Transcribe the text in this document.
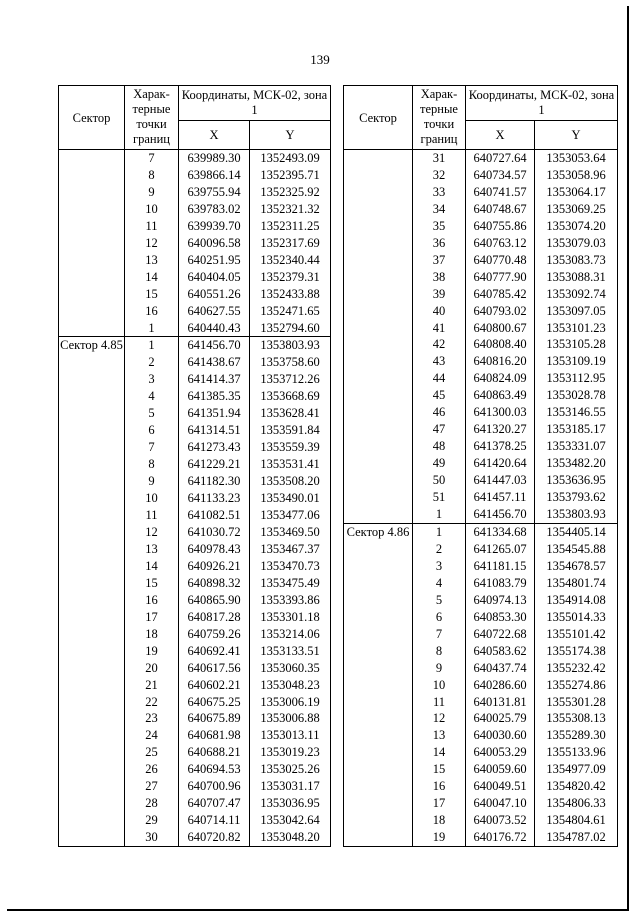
139
Сектор	Харак-терные точки границ	Координаты, МСК-02, зона 1	
		X	Y
	7	639989.30	1352493.09
	8	639866.14	1352395.71
	9	639755.94	1352325.92
	10	639783.02	1352321.32
	11	639939.70	1352311.25
	12	640096.58	1352317.69
	13	640251.95	1352340.44
	14	640404.05	1352379.31
	15	640551.26	1352433.88
	16	640627.55	1352471.65
	1	640440.43	1352794.60
Сектор 4.85	1	641456.70	1353803.93
	2	641438.67	1353758.60
	3	641414.37	1353712.26
	4	641385.35	1353668.69
	5	641351.94	1353628.41
	6	641314.51	1353591.84
	7	641273.43	1353559.39
	8	641229.21	1353531.41
	9	641182.30	1353508.20
	10	641133.23	1353490.01
	11	641082.51	1353477.06
	12	641030.72	1353469.50
	13	640978.43	1353467.37
	14	640926.21	1353470.73
	15	640898.32	1353475.49
	16	640865.90	1353393.86
	17	640817.28	1353301.18
	18	640759.26	1353214.06
	19	640692.41	1353133.51
	20	640617.56	1353060.35
	21	640602.21	1353048.23
	22	640675.25	1353006.19
	23	640675.89	1353006.88
	24	640681.98	1353013.11
	25	640688.21	1353019.23
	26	640694.53	1353025.26
	27	640700.96	1353031.17
	28	640707.47	1353036.95
	29	640714.11	1353042.64
	30	640720.82	1353048.20
Сектор	Харак-терные точки границ	Координаты, МСК-02, зона 1	
		X	Y
	31	640727.64	1353053.64
	32	640734.57	1353058.96
	33	640741.57	1353064.17
	34	640748.67	1353069.25
	35	640755.86	1353074.20
	36	640763.12	1353079.03
	37	640770.48	1353083.73
	38	640777.90	1353088.31
	39	640785.42	1353092.74
	40	640793.02	1353097.05
	41	640800.67	1353101.23
	42	640808.40	1353105.28
	43	640816.20	1353109.19
	44	640824.09	1353112.95
	45	640863.49	1353028.78
	46	641300.03	1353146.55
	47	641320.27	1353185.17
	48	641378.25	1353331.07
	49	641420.64	1353482.20
	50	641447.03	1353636.95
	51	641457.11	1353793.62
	1	641456.70	1353803.93
Сектор 4.86	1	641334.68	1354405.14
	2	641265.07	1354545.88
	3	641181.15	1354678.57
	4	641083.79	1354801.74
	5	640974.13	1354914.08
	6	640853.30	1355014.33
	7	640722.68	1355101.42
	8	640583.62	1355174.38
	9	640437.74	1355232.42
	10	640286.60	1355274.86
	11	640131.81	1355301.28
	12	640025.79	1355308.13
	13	640030.60	1355289.30
	14	640053.29	1355133.96
	15	640059.60	1354977.09
	16	640049.51	1354820.42
	17	640047.10	1354806.33
	18	640073.52	1354804.61
	19	640176.72	1354787.02
